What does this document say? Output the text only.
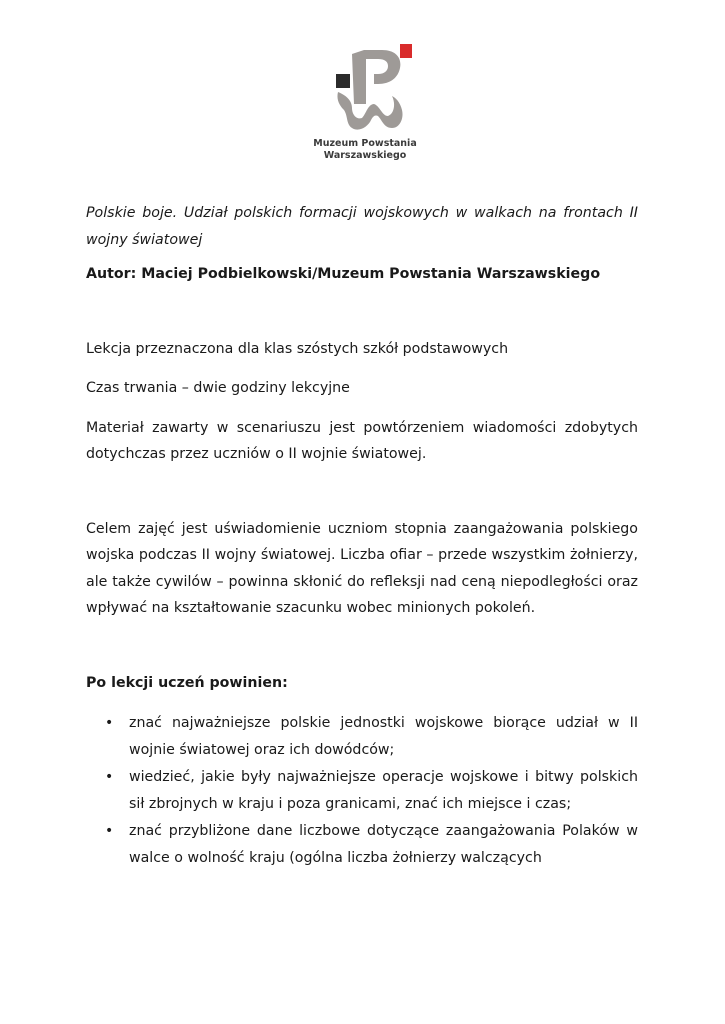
Muzeum Powstania
Warszawskiego

Polskie boje. Udział polskich formacji wojskowych w walkach na frontach II wojny światowej

Autor: Maciej Podbielkowski/Muzeum Powstania Warszawskiego

Lekcja przeznaczona dla klas szóstych szkół podstawowych

Czas trwania – dwie godziny lekcyjne

Materiał zawarty w scenariuszu jest powtórzeniem wiadomości zdobytych dotychczas przez uczniów o II wojnie światowej.

Celem zajęć jest uświadomienie uczniom stopnia zaangażowania polskiego wojska podczas II wojny światowej. Liczba ofiar – przede wszystkim żołnierzy, ale także cywilów – powinna skłonić do refleksji nad ceną niepodległości oraz wpływać na kształtowanie szacunku wobec minionych pokoleń.

Po lekcji uczeń powinien:

• znać najważniejsze polskie jednostki wojskowe biorące udział w II wojnie światowej oraz ich dowódców;
• wiedzieć, jakie były najważniejsze operacje wojskowe i bitwy polskich sił zbrojnych w kraju i poza granicami, znać ich miejsce i czas;
• znać przybliżone dane liczbowe dotyczące zaangażowania Polaków w walce o wolność kraju (ogólna liczba żołnierzy walczących
